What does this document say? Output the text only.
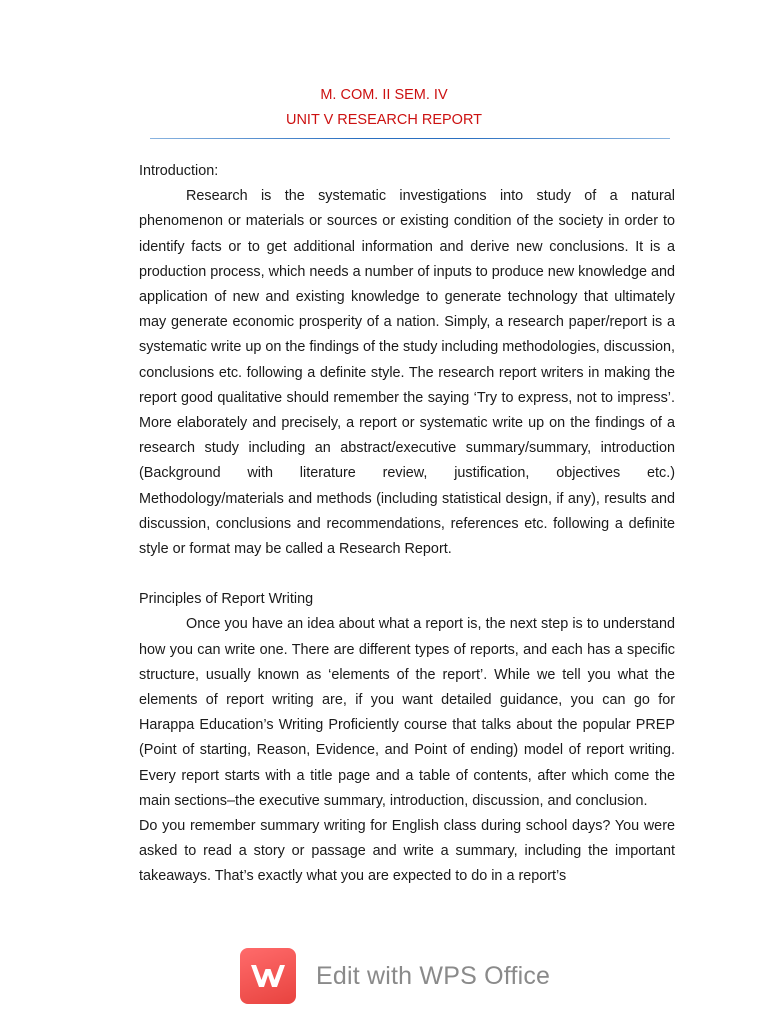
M. COM. II SEM. IV
UNIT V RESEARCH REPORT

Introduction:

Research is the systematic investigations into study of a natural phenomenon or materials or sources or existing condition of the society in order to identify facts or to get additional information and derive new conclusions. It is a production process, which needs a number of inputs to produce new knowledge and application of new and existing knowledge to generate technology that ultimately may generate economic prosperity of a nation. Simply, a research paper/report is a systematic write up on the findings of the study including methodologies, discussion, conclusions etc. following a definite style. The research report writers in making the report good qualitative should remember the saying ‘Try to express, not to impress’. More elaborately and precisely, a report or systematic write up on the findings of a research study including an abstract/executive summary/summary, introduction (Background with literature review, justification, objectives etc.) Methodology/materials and methods (including statistical design, if any), results and discussion, conclusions and recommendations, references etc. following a definite style or format may be called a Research Report.

Principles of Report Writing

Once you have an idea about what a report is, the next step is to understand how you can write one. There are different types of reports, and each has a specific structure, usually known as ‘elements of the report’. While we tell you what the elements of report writing are, if you want detailed guidance, you can go for Harappa Education’s Writing Proficiently course that talks about the popular PREP (Point of starting, Reason, Evidence, and Point of ending) model of report writing. Every report starts with a title page and a table of contents, after which come the main sections–the executive summary, introduction, discussion, and conclusion.

Do you remember summary writing for English class during school days? You were asked to read a story or passage and write a summary, including the important takeaways. That’s exactly what you are expected to do in a report’s

Edit with WPS Office
